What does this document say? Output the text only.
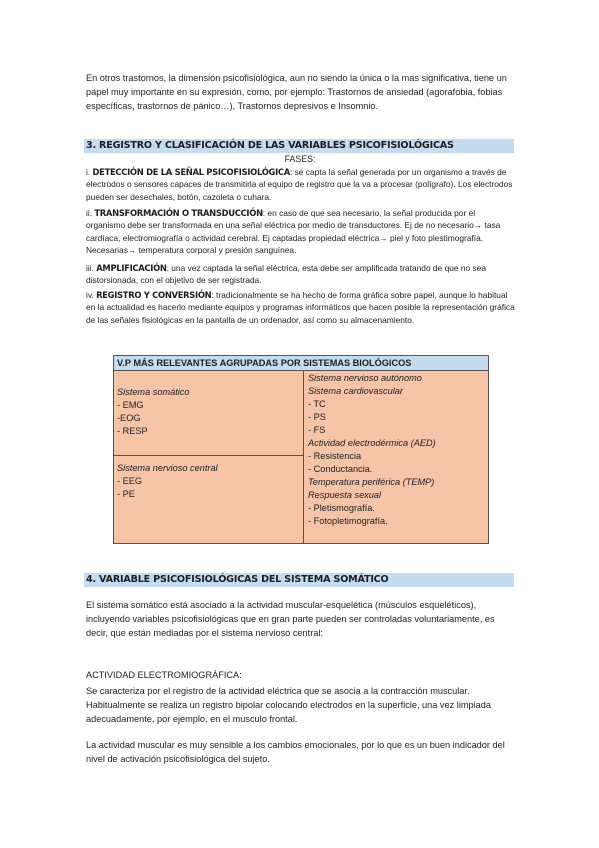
En otros trastornos, la dimensión psicofisiológica, aun no siendo la única o la mas significativa, tiene un papel muy importante en su expresión, como, por ejemplo: Trastornos de ansiedad (agorafobia, fobias específicas, trastornos de pánico…), Trastornos depresivos e Insomnio.

3. REGISTRO Y CLASIFICACIÓN DE LAS VARIABLES PSICOFISIOLÓGICAS
FASES:

i. DETECCIÓN DE LA SEÑAL PSICOFISIOLÓGICA: se capta la señal generada por un organismo a través de electrodos o sensores capaces de transmitirla al equipo de registro que la va a procesar (polígrafo). Los electrodos pueden ser desechales, botón, cazoleta o cuhara.

ii. TRANSFORMACIÓN O TRANSDUCCIÓN: en caso de que sea necesario, la señal producida por el organismo debe ser transformada en una señal eléctrica por medio de transductores. Ej de no necesario→ tasa cardíaca, electromiografía o actividad cerebral. Ej captadas propiedad eléctrica→ piel y foto plestimografía. Necesarias→ temperatura corporal y presión sanguínea.

iii. AMPLIFICACIÓN: una vez captada la señal eléctrica, esta debe ser amplificada tratando de que no sea distorsionada, con el objetivo de ser registrada.

iv. REGISTRO Y CONVERSIÓN: tradicionalmente se ha hecho de forma gráfica sobre papel, aunque lo habitual en la actualidad es hacerlo mediante equipos y programas informáticos que hacen posible la representación gráfica de las señales fisiológicas en la pantalla de un ordenador, así como su almacenamiento.

V.P MÁS RELEVANTES AGRUPADAS POR SISTEMAS BIOLÓGICOS
Sistema somático
- EMG
-EOG
- RESP
Sistema nervioso central
- EEG
- PE
Sistema nervioso autónomo
Sistema cardiovascular
- TC
- PS
- FS
Actividad electrodérmica (AED)
- Resistencia
- Conductancia.
Temperatura periférica (TEMP)
Respuesta sexual
- Pletismografía.
- Fotopletimografía.
4. VARIABLE PSICOFISIOLÓGICAS DEL SISTEMA SOMÁTICO

El sistema somático está asociado a la actividad muscular-esquelética (músculos esqueléticos), incluyendo variables psicofisiológicas que en gran parte pueden ser controladas voluntariamente, es decir, que están mediadas por el sistema nervioso central:

ACTIVIDAD ELECTROMIOGRÁFICA:

Se caracteriza por el registro de la actividad eléctrica que se asocia a la contracción muscular. Habitualmente se realiza un registro bipolar colocando electrodos en la superficie, una vez limpiada adecuadamente, por ejemplo, en el musculo frontal.

La actividad muscular es muy sensible a los cambios emocionales, por lo que es un buen indicador del nivel de activación psicofisiológica del sujeto.
